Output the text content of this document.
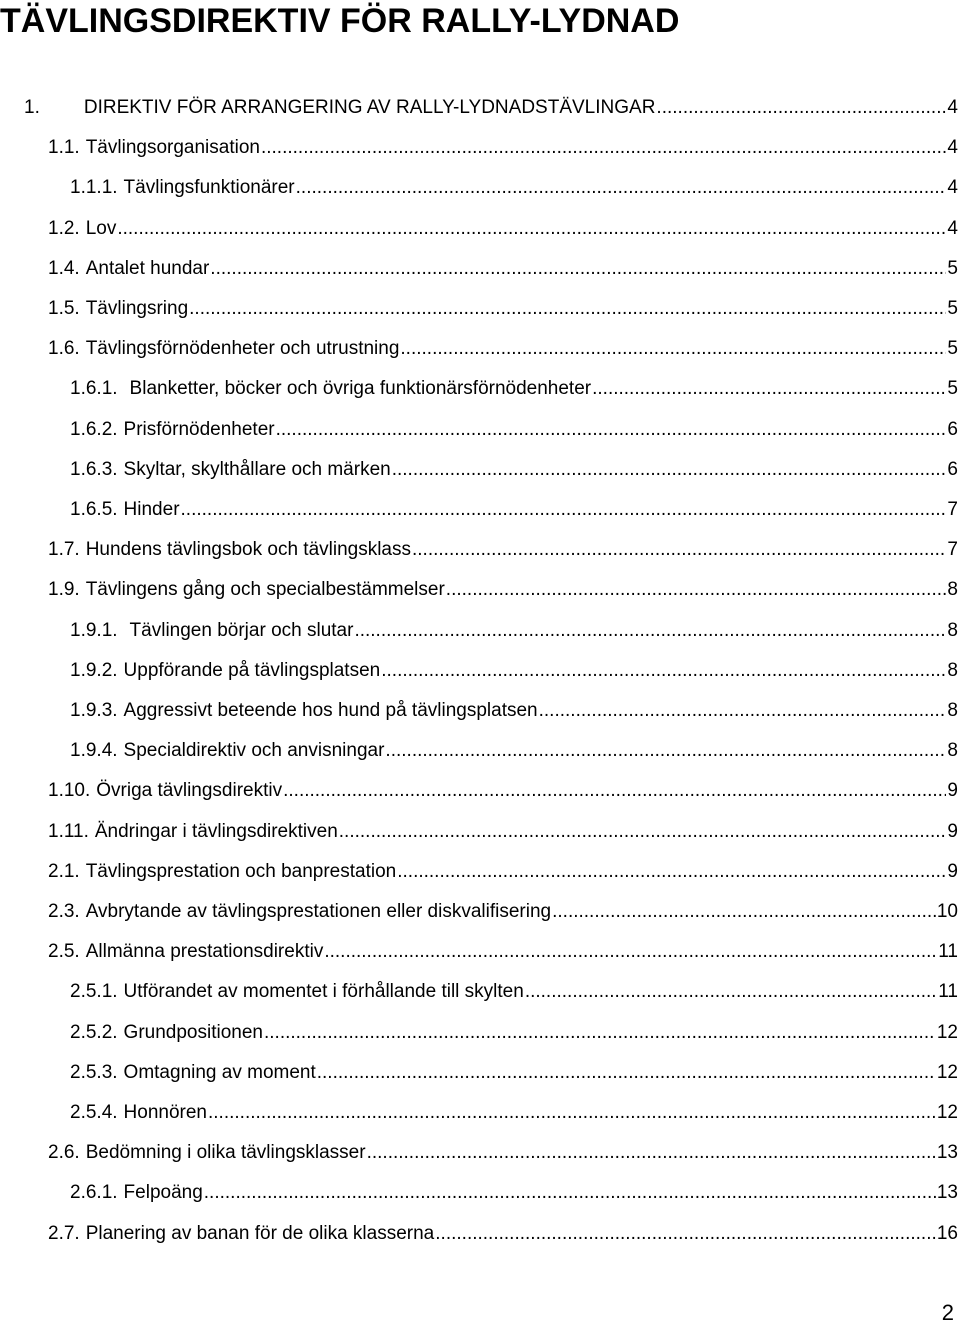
TÄVLINGSDIREKTIV FÖR RALLY-LYDNAD
1. DIREKTIV FÖR ARRANGERING AV RALLY-LYDNADSTÄVLINGAR .....	4
1.1. Tävlingsorganisation .....	4
1.1.1. Tävlingsfunktionärer .....	4
1.2. Lov .....	4
1.4. Antalet hundar .....	5
1.5. Tävlingsring .....	5
1.6. Tävlingsförnödenheter och utrustning .....	5
1.6.1. Blanketter, böcker och övriga funktionärsförnödenheter .....	5
1.6.2. Prisförnödenheter .....	6
1.6.3. Skyltar, skylthållare och märken .....	6
1.6.5. Hinder .....	7
1.7. Hundens tävlingsbok och tävlingsklass .....	7
1.9. Tävlingens gång och specialbestämmelser .....	8
1.9.1. Tävlingen börjar och slutar .....	8
1.9.2. Uppförande på tävlingsplatsen .....	8
1.9.3. Aggressivt beteende hos hund på tävlingsplatsen .....	8
1.9.4. Specialdirektiv och anvisningar .....	8
1.10. Övriga tävlingsdirektiv .....	9
1.11. Ändringar i tävlingsdirektiven .....	9
2.1. Tävlingsprestation och banprestation .....	9
2.3. Avbrytande av tävlingsprestationen eller diskvalifisering .....	10
2.5. Allmänna prestationsdirektiv .....	11
2.5.1. Utförandet av momentet i förhållande till skylten .....	11
2.5.2. Grundpositionen .....	12
2.5.3. Omtagning av moment .....	12
2.5.4. Honnören .....	12
2.6. Bedömning i olika tävlingsklasser .....	13
2.6.1. Felpoäng .....	13
2.7. Planering av banan för de olika klasserna .....	16
2
